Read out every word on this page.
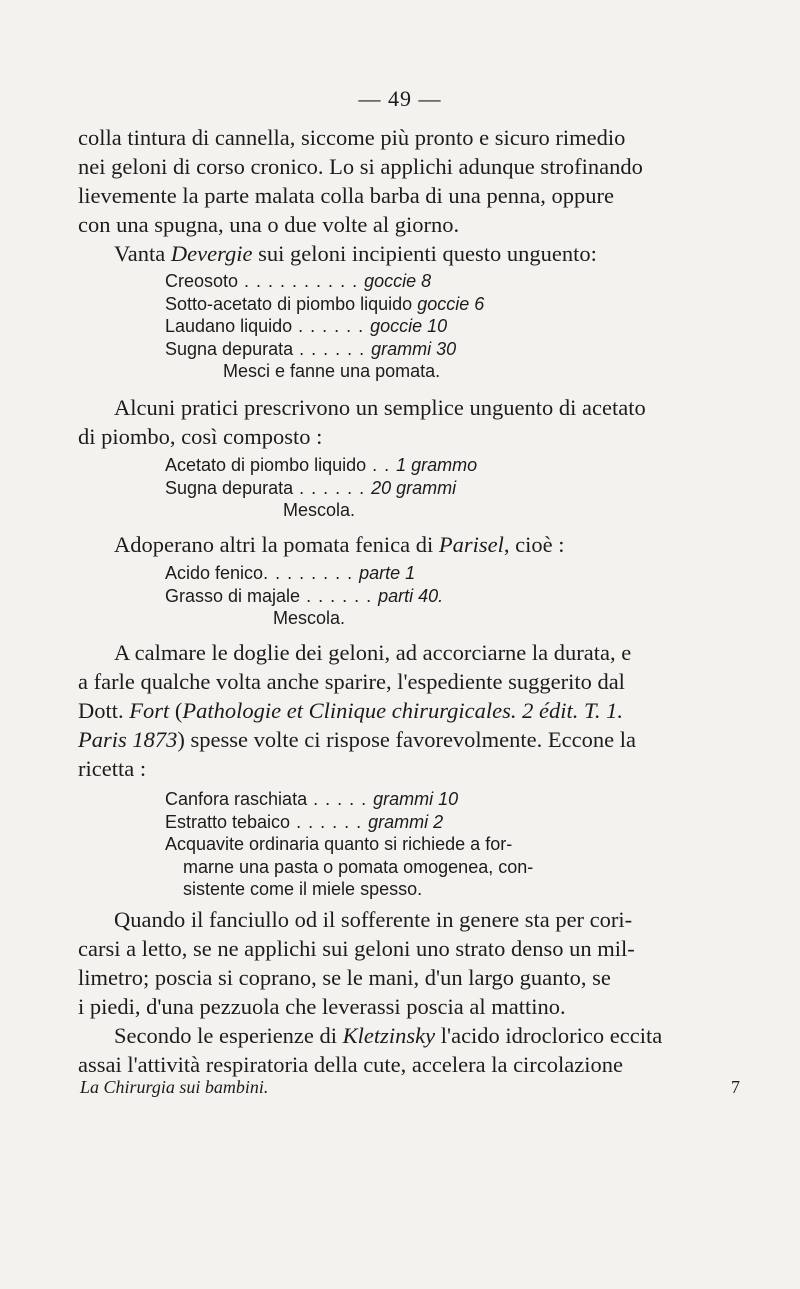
— 49 —
colla tintura di cannella, siccome più pronto e sicuro rimedio
nei geloni di corso cronico. Lo si applichi adunque strofinando
lievemente la parte malata colla barba di una penna, oppure
con una spugna, una o due volte al giorno.
Vanta Devergie sui geloni incipienti questo unguento:
Creosoto . . . . . . . . . . goccie 8
Sotto-acetato di piombo liquido goccie 6
Laudano liquido . . . . . . goccie 10
Sugna depurata . . . . . . grammi 30
Mesci e fanne una pomata.
Alcuni pratici prescrivono un semplice unguento di acetato
di piombo, così composto :
Acetato di piombo liquido . . 1 grammo
Sugna depurata . . . . . . 20 grammi
Mescola.
Adoperano altri la pomata fenica di Parisel, cioè :
Acido fenico. . . . . . . . parte 1
Grasso di majale . . . . . . parti 40.
Mescola.
A calmare le doglie dei geloni, ad accorciarne la durata, e
a farle qualche volta anche sparire, l'espediente suggerito dal
Dott. Fort (Pathologie et Clinique chirurgicales. 2 édit. T. 1.
Paris 1873) spesse volte ci rispose favorevolmente. Eccone la
ricetta :
Canfora raschiata . . . . . grammi 10
Estratto tebaico . . . . . . grammi 2
Acquavite ordinaria quanto si richiede a for-
marne una pasta o pomata omogenea, con-
sistente come il miele spesso.
Quando il fanciullo od il sofferente in genere sta per cori-
carsi a letto, se ne applichi sui geloni uno strato denso un mil-
limetro; poscia si coprano, se le mani, d'un largo guanto, se
i piedi, d'una pezzuola che leverassi poscia al mattino.
Secondo le esperienze di Kletzinsky l'acido idroclorico eccita
assai l'attività respiratoria della cute, accelera la circolazione
La Chirurgia sui bambini.	7
